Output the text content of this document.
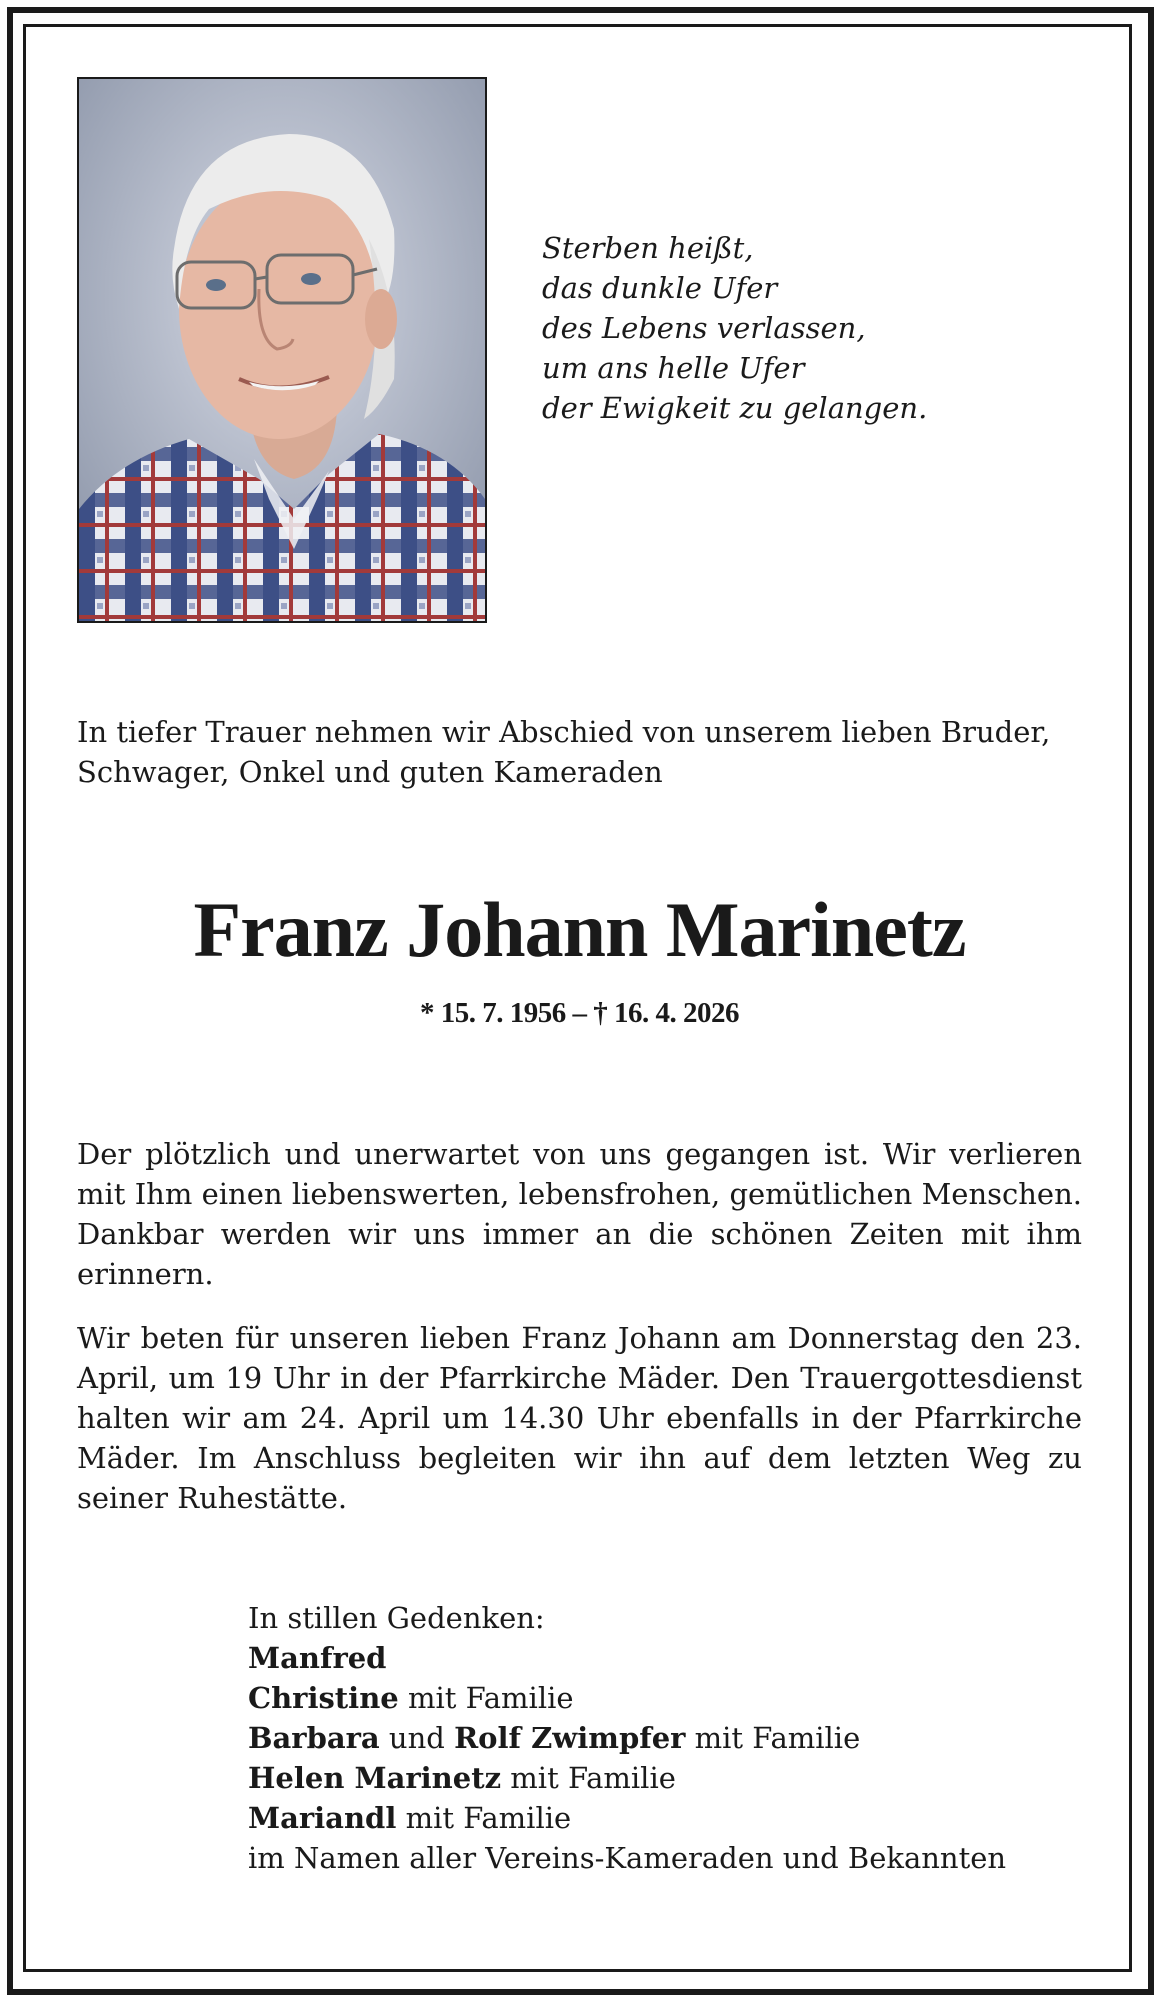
Sterben heißt,
das dunkle Ufer
des Lebens verlassen,
um ans helle Ufer
der Ewigkeit zu gelangen.
In tiefer Trauer nehmen wir Abschied von unserem lieben Bruder,
Schwager, Onkel und guten Kameraden
Franz Johann Marinetz
* 15. 7. 1956 – † 16. 4. 2026
Der plötzlich und unerwartet von uns gegangen ist. Wir verlieren mit Ihm einen liebenswerten, lebensfrohen, gemütlichen Menschen. Dankbar werden wir uns immer an die schönen Zeiten mit ihm erinnern.
Wir beten für unseren lieben Franz Johann am Donnerstag den 23. April, um 19 Uhr in der Pfarrkirche Mäder. Den Trauergottesdienst halten wir am 24. April um 14.30 Uhr ebenfalls in der Pfarrkirche Mäder. Im Anschluss begleiten wir ihn auf dem letzten Weg zu seiner Ruhestätte.
In stillen Gedenken:
Manfred
Christine mit Familie
Barbara und Rolf Zwimpfer mit Familie
Helen Marinetz mit Familie
Mariandl mit Familie
im Namen aller Vereins-Kameraden und Bekannten
